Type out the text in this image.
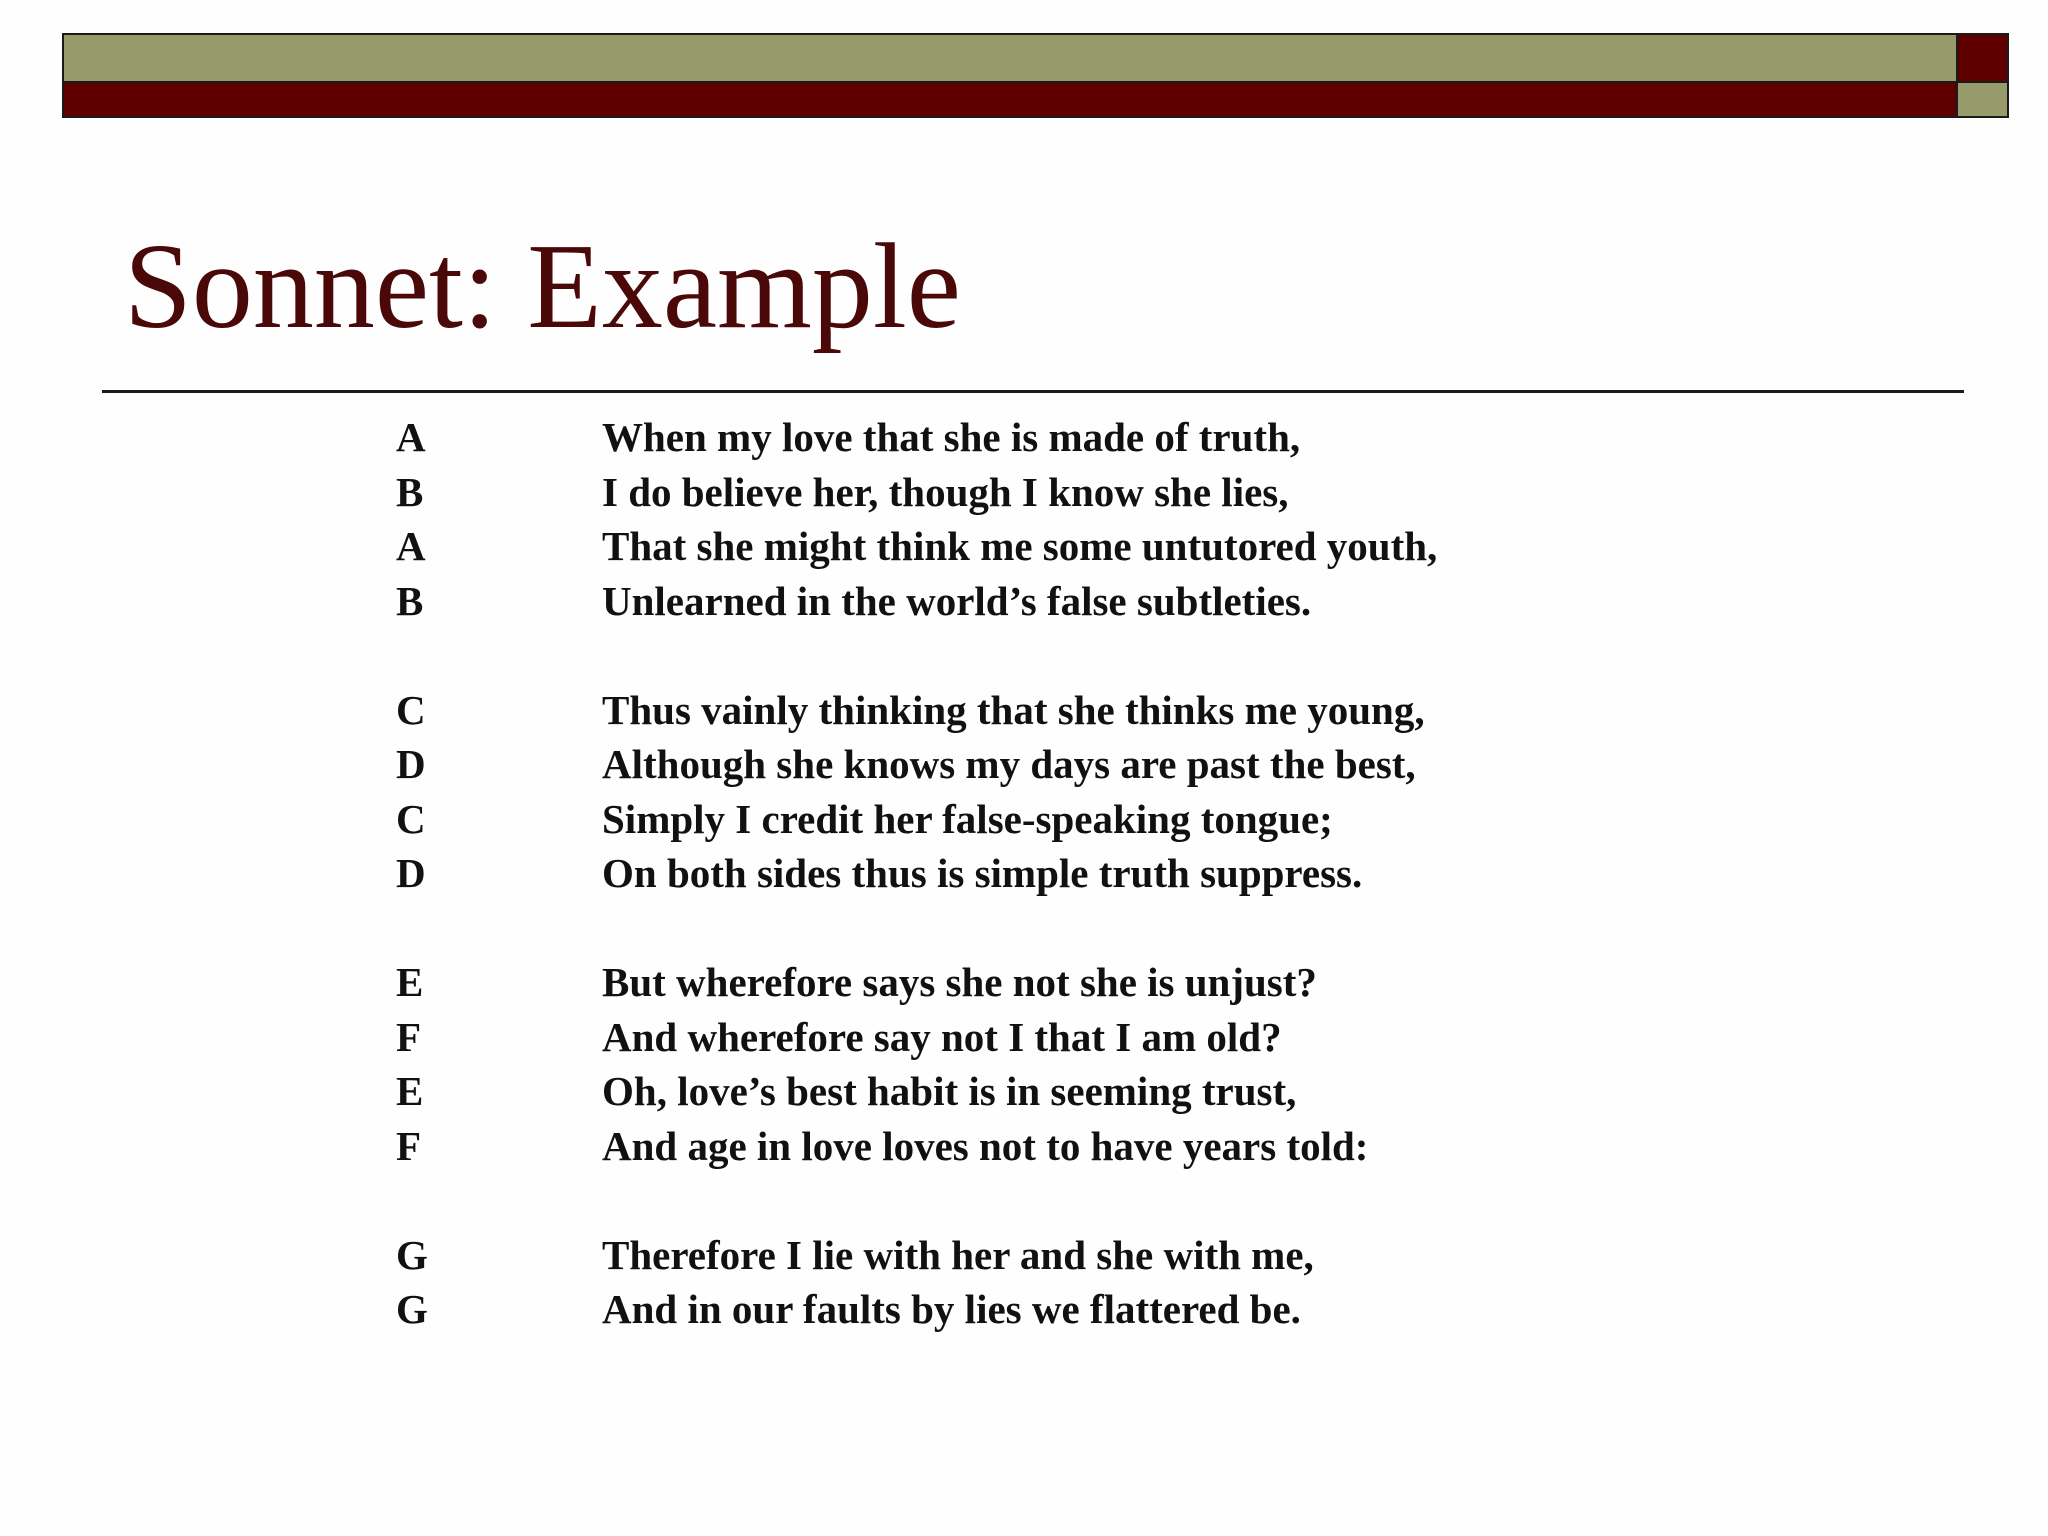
Sonnet: Example
A	When my love that she is made of truth,
B	I do believe her, though I know she lies,
A	That she might think me some untutored youth,
B	Unlearned in the world’s false subtleties.
C	Thus vainly thinking that she thinks me young,
D	Although she knows my days are past the best,
C	Simply I credit her false-speaking tongue;
D	On both sides thus is simple truth suppress.
E	But wherefore says she not she is unjust?
F	And wherefore say not I that I am old?
E	Oh, love’s best habit is in seeming trust,
F	And age in love loves not to have years told:
G	Therefore I lie with her and she with me,
G	And in our faults by lies we flattered be.
